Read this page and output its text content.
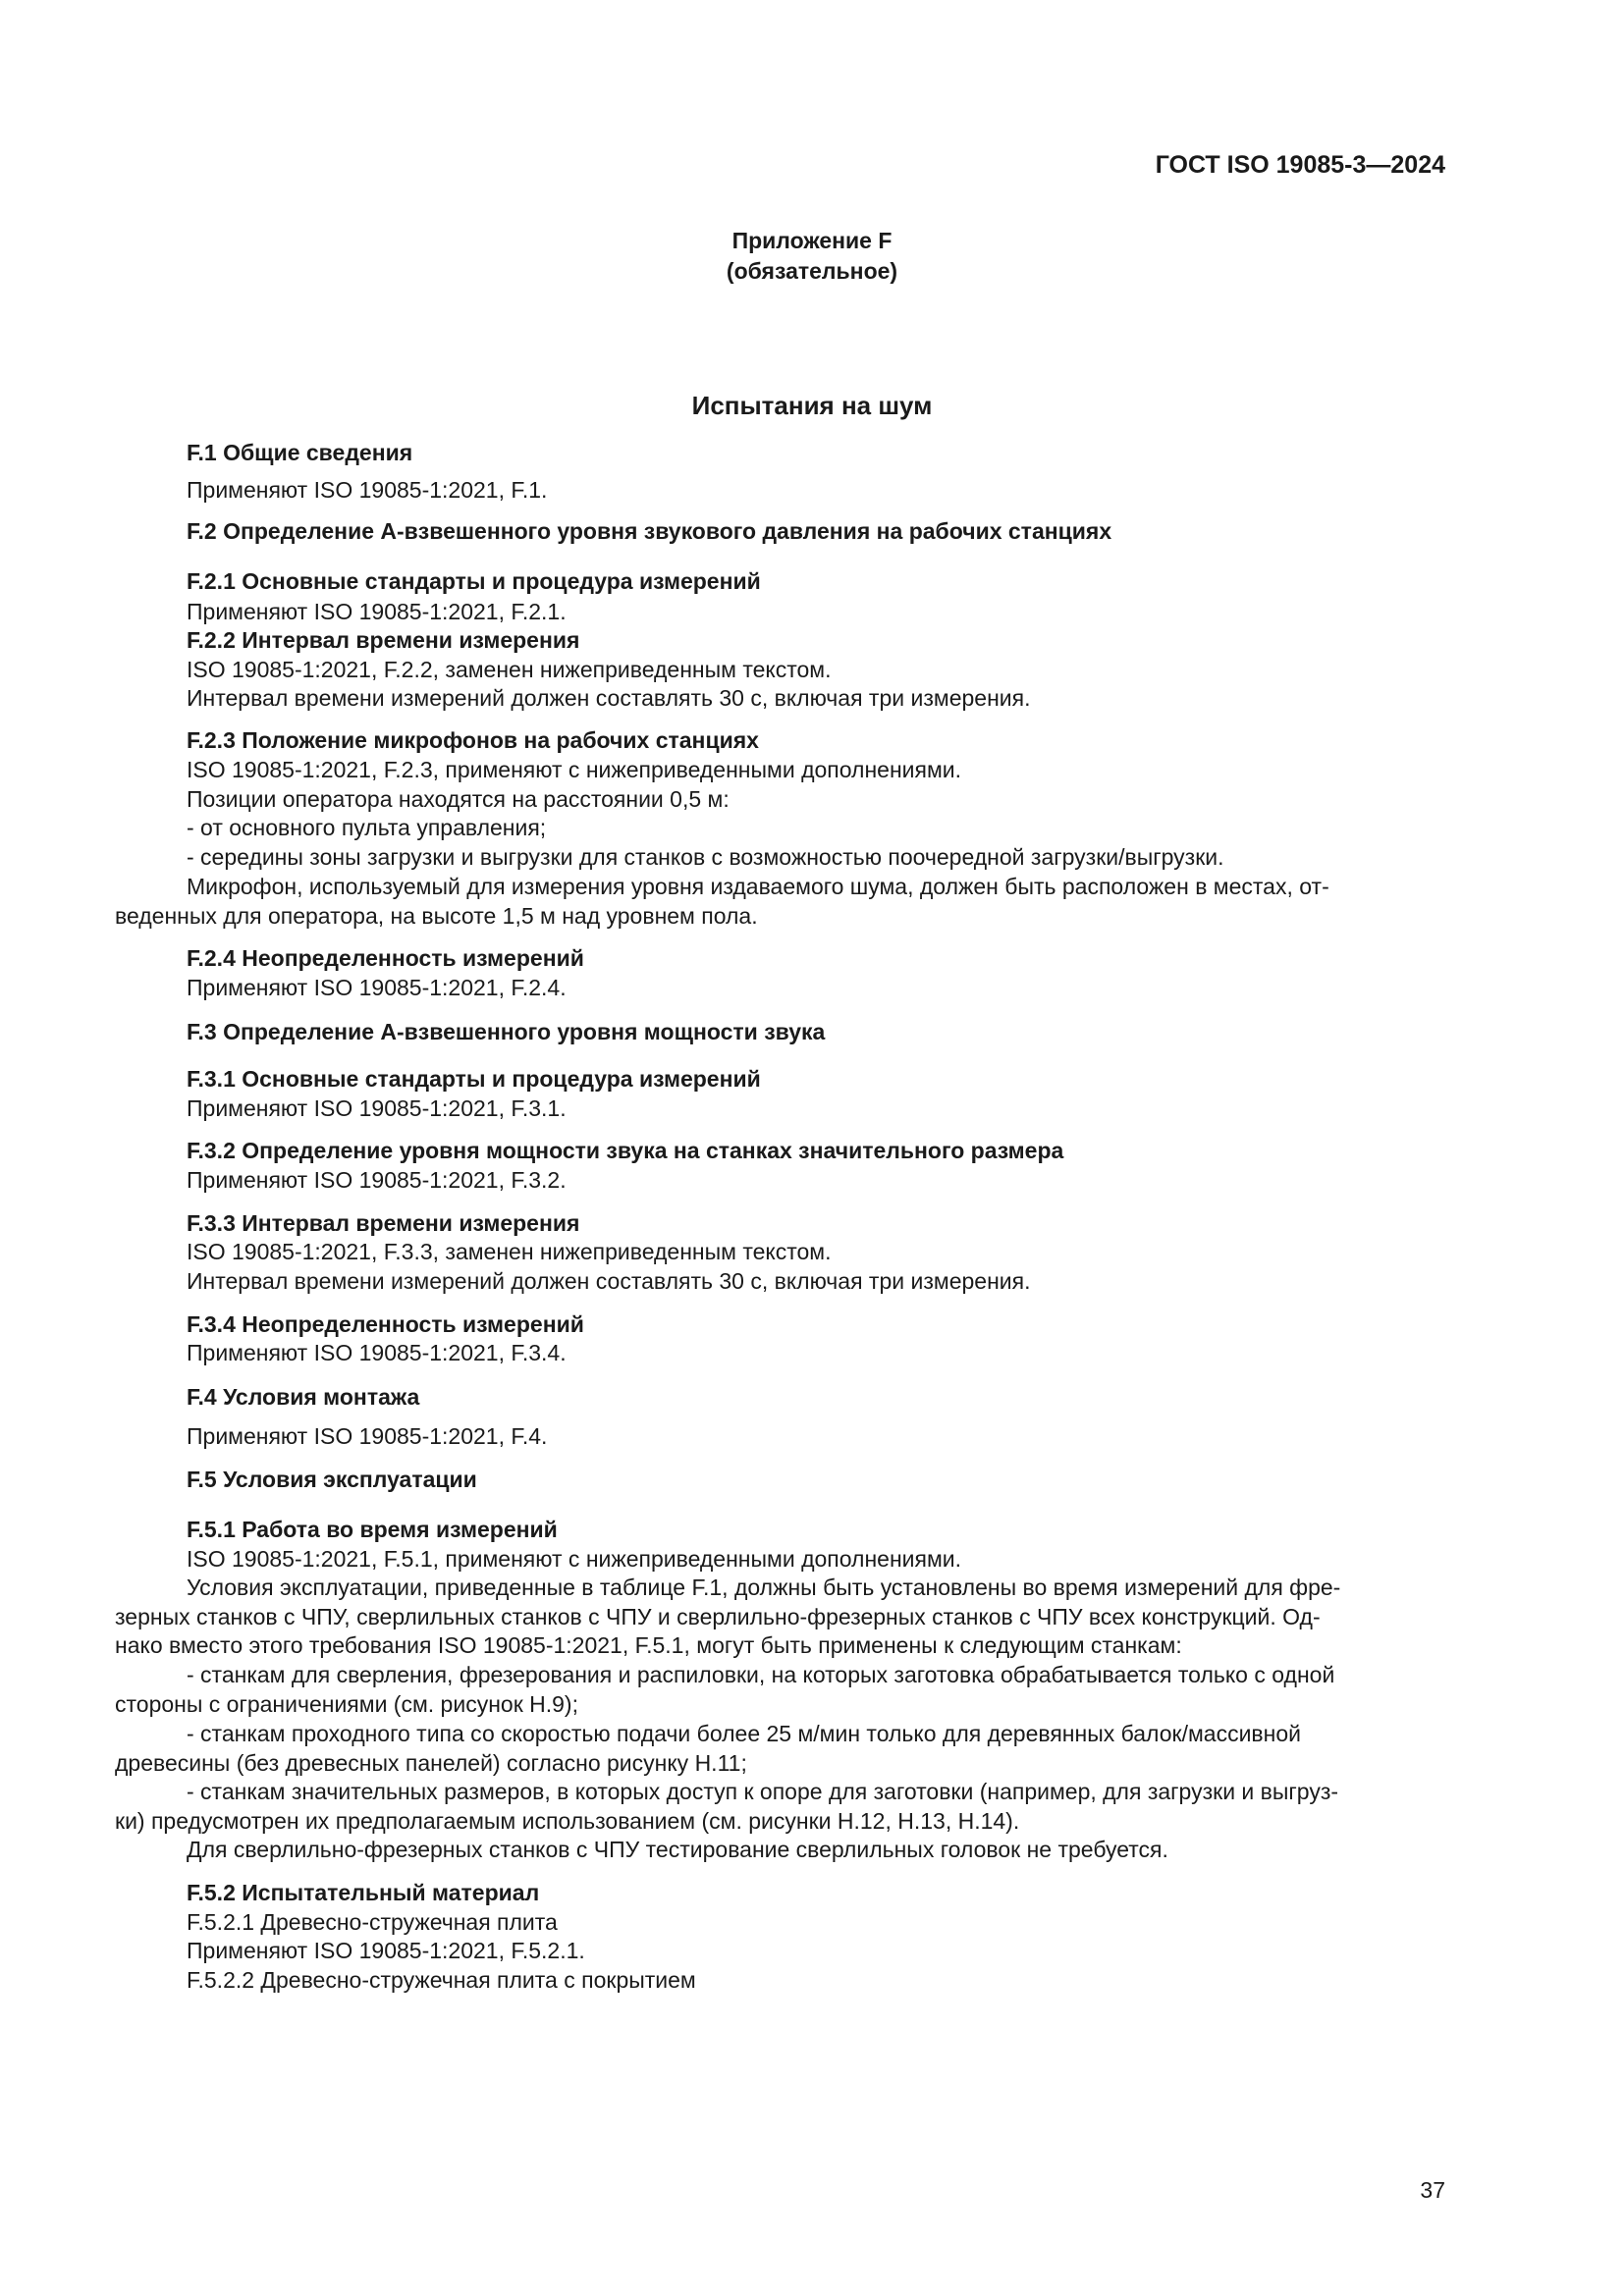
ГОСТ ISO 19085-3—2024
Приложение F
(обязательное)
Испытания на шум
F.1 Общие сведения
Применяют ISO 19085-1:2021, F.1.
F.2 Определение A-взвешенного уровня звукового давления на рабочих станциях
F.2.1 Основные стандарты и процедура измерений
Применяют ISO 19085-1:2021, F.2.1.
F.2.2 Интервал времени измерения
ISO 19085-1:2021, F.2.2, заменен нижеприведенным текстом.
Интервал времени измерений должен составлять 30 с, включая три измерения.
F.2.3 Положение микрофонов на рабочих станциях
ISO 19085-1:2021, F.2.3, применяют с нижеприведенными дополнениями.
Позиции оператора находятся на расстоянии 0,5 м:
- от основного пульта управления;
- середины зоны загрузки и выгрузки для станков с возможностью поочередной загрузки/выгрузки.
Микрофон, используемый для измерения уровня издаваемого шума, должен быть расположен в местах, от-
веденных для оператора, на высоте 1,5 м над уровнем пола.
F.2.4 Неопределенность измерений
Применяют ISO 19085-1:2021, F.2.4.
F.3 Определение A-взвешенного уровня мощности звука
F.3.1 Основные стандарты и процедура измерений
Применяют ISO 19085-1:2021, F.3.1.
F.3.2 Определение уровня мощности звука на станках значительного размера
Применяют ISO 19085-1:2021, F.3.2.
F.3.3 Интервал времени измерения
ISO 19085-1:2021, F.3.3, заменен нижеприведенным текстом.
Интервал времени измерений должен составлять 30 с, включая три измерения.
F.3.4 Неопределенность измерений
Применяют ISO 19085-1:2021, F.3.4.
F.4 Условия монтажа
Применяют ISO 19085-1:2021, F.4.
F.5 Условия эксплуатации
F.5.1 Работа во время измерений
ISO 19085-1:2021, F.5.1, применяют с нижеприведенными дополнениями.
Условия эксплуатации, приведенные в таблице F.1, должны быть установлены во время измерений для фре-
зерных станков с ЧПУ, сверлильных станков с ЧПУ и сверлильно-фрезерных станков с ЧПУ всех конструкций. Од-
нако вместо этого требования ISO 19085-1:2021, F.5.1, могут быть применены к следующим станкам:
- станкам для сверления, фрезерования и распиловки, на которых заготовка обрабатывается только с одной
стороны с ограничениями (см. рисунок H.9);
- станкам проходного типа со скоростью подачи более 25 м/мин только для деревянных балок/массивной
древесины (без древесных панелей) согласно рисунку H.11;
- станкам значительных размеров, в которых доступ к опоре для заготовки (например, для загрузки и выгруз-
ки) предусмотрен их предполагаемым использованием (см. рисунки H.12, H.13, H.14).
Для сверлильно-фрезерных станков с ЧПУ тестирование сверлильных головок не требуется.
F.5.2 Испытательный материал
F.5.2.1 Древесно-стружечная плита
Применяют ISO 19085-1:2021, F.5.2.1.
F.5.2.2 Древесно-стружечная плита с покрытием
37
